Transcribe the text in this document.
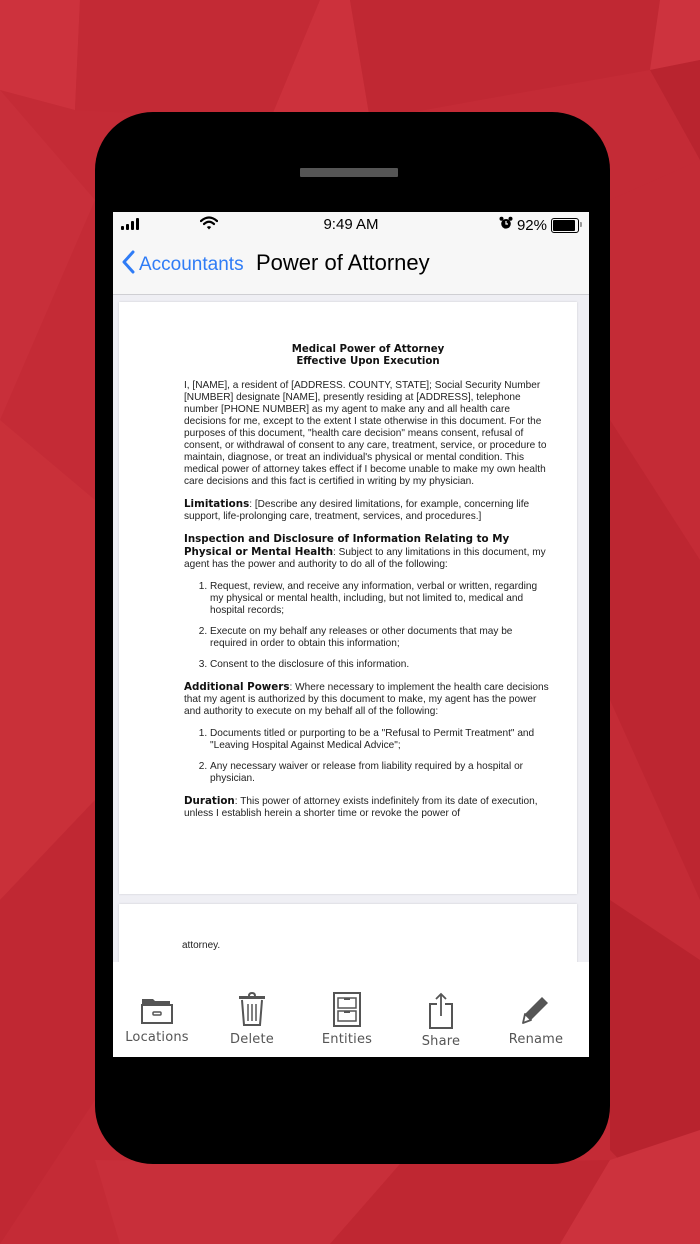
9:49 AM	92%
Accountants Power of Attorney
Medical Power of Attorney
Effective Upon Execution

I, [NAME], a resident of [ADDRESS. COUNTY, STATE]; Social Security Number [NUMBER] designate [NAME], presently residing at [ADDRESS], telephone number [PHONE NUMBER] as my agent to make any and all health care decisions for me, except to the extent I state otherwise in this document. For the purposes of this document, "health care decision" means consent, refusal of consent, or withdrawal of consent to any care, treatment, service, or procedure to maintain, diagnose, or treat an individual's physical or mental condition. This medical power of attorney takes effect if I become unable to make my own health care decisions and this fact is certified in writing by my physician.

Limitations: [Describe any desired limitations, for example, concerning life support, life-prolonging care, treatment, services, and procedures.]

Inspection and Disclosure of Information Relating to My Physical or Mental Health: Subject to any limitations in this document, my agent has the power and authority to do all of the following:

1. Request, review, and receive any information, verbal or written, regarding my physical or mental health, including, but not limited to, medical and hospital records;
2. Execute on my behalf any releases or other documents that may be required in order to obtain this information;
3. Consent to the disclosure of this information.

Additional Powers: Where necessary to implement the health care decisions that my agent is authorized by this document to make, my agent has the power and authority to execute on my behalf all of the following:

1. Documents titled or purporting to be a "Refusal to Permit Treatment" and "Leaving Hospital Against Medical Advice";
2. Any necessary waiver or release from liability required by a hospital or physician.

Duration: This power of attorney exists indefinitely from its date of execution, unless I establish herein a shorter time or revoke the power of

attorney.
Locations	Delete	Entities	Share	Rename
